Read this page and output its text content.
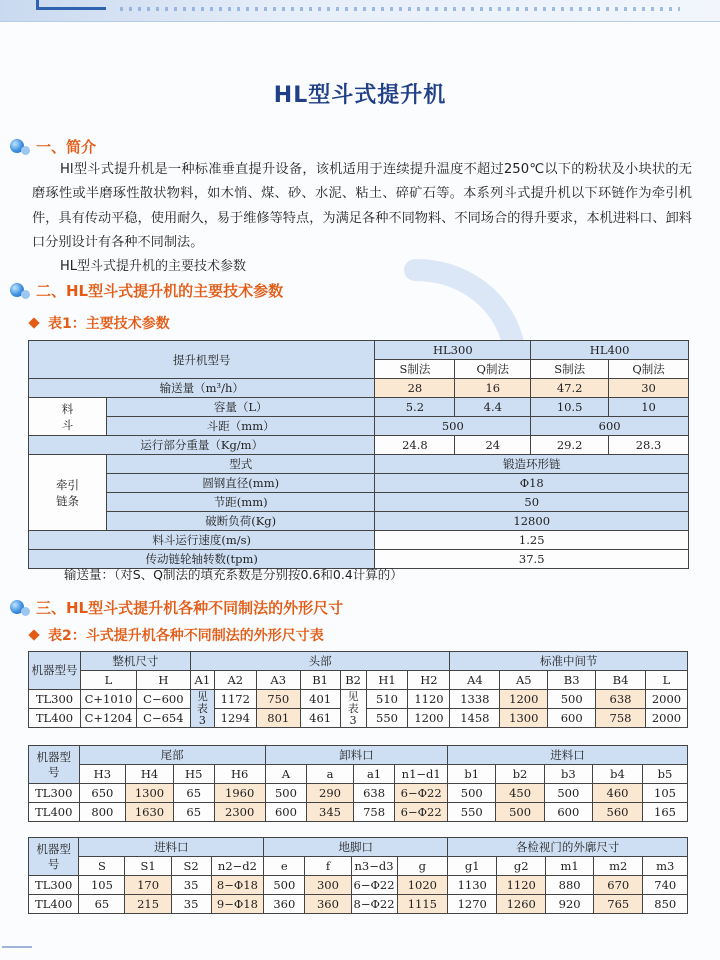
HL型斗式提升机
一、简介
Hl型斗式提升机是一种标准垂直提升设备，该机适用于连续提升温度不超过250℃以下的粉状及小块状的无磨琢性或半磨琢性散状物料，如木悄、煤、砂、水泥、粘土、碎矿石等。本系列斗式提升机以下环链作为牵引机件，具有传动平稳，使用耐久，易于维修等特点，为满足各种不同物料、不同场合的得升要求，本机进料口、卸料口分别设计有各种不同制法。
HL型斗式提升机的主要技术参数
二、HL型斗式提升机的主要技术参数
表1：主要技术参数
提升机型号		HL300		HL400	
		S制法	Q制法	S制法	Q制法
输送量（m³/h）		28	16	47.2	30
料斗	容量（L）	5.2	4.4	10.5	10
	斗距（mm）	500		600	
运行部分重量（Kg/m）		24.8	24	29.2	28.3
牵引链条	型式	锻造环形链			
	圆钢直径(mm)	Φ18			
	节距(mm)	50			
	破断负荷(Kg)	12800			
料斗运行速度(m/s)		1.25			
传动链轮轴转数(tpm)		37.5			
输送量：（对S、Q制法的填充系数是分别按0.6和0.4计算的）
三、HL型斗式提升机各种不同制法的外形尺寸
表2：斗式提升机各种不同制法的外形尺寸表
机器型号	整机尺寸		头部							标准中间节				
	L	H	A1	A2	A3	B1	B2	H1	H2	A4	A5	B3	B4	L
TL300	C+1010	C−600	见表3	1172	750	401	见表3	510	1120	1338	1200	500	638	2000
TL400	C+1204	C−654		1294	801	461		550	1200	1458	1300	600	758	2000
机器型号	尾部				卸料口				进料口				
	H3	H4	H5	H6	A	a	a1	n1−d1	b1	b2	b3	b4	b5
TL300	650	1300	65	1960	500	290	638	6−Φ22	500	450	500	460	105
TL400	800	1630	65	2300	600	345	758	6−Φ22	550	500	600	560	165
机器型号	进料口				地脚口				各检视门的外廓尺寸				
	S	S1	S2	n2−d2	e	f	n3−d3	g	g1	g2	m1	m2	m3
TL300	105	170	35	8−Φ18	500	300	6−Φ22	1020	1130	1120	880	670	740
TL400	65	215	35	9−Φ18	360	360	8−Φ22	1115	1270	1260	920	765	850
